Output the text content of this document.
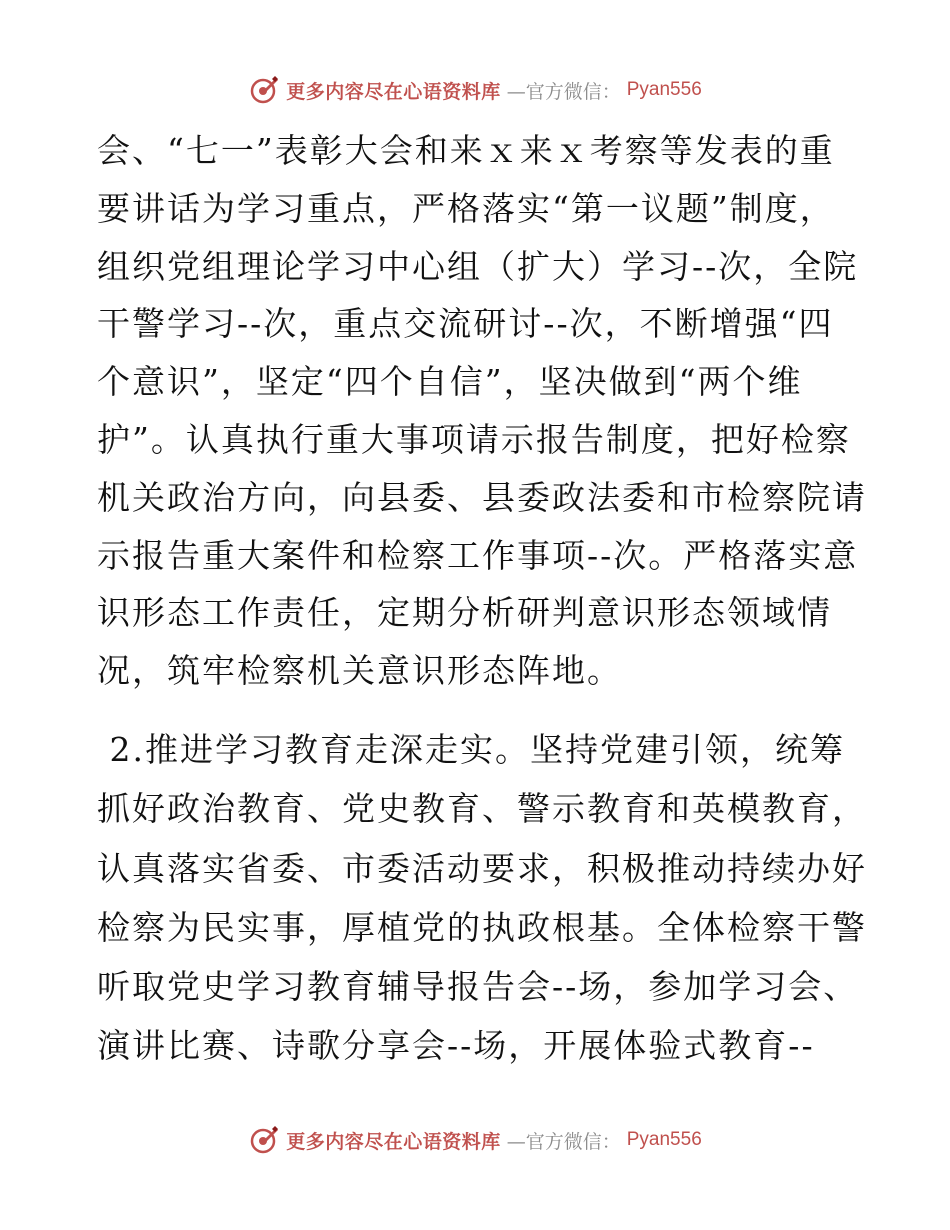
更多内容尽在心语资料库 —官方微信： Pyan556
会、“七一”表彰大会和来ｘ来ｘ考察等发表的重
要讲话为学习重点，严格落实“第一议题”制度，
组织党组理论学习中心组（扩大）学习--次，全院
干警学习--次，重点交流研讨--次，不断增强“四
个意识”，坚定“四个自信”，坚决做到“两个维
护”。认真执行重大事项请示报告制度，把好检察
机关政治方向，向县委、县委政法委和市检察院请
示报告重大案件和检察工作事项--次。严格落实意
识形态工作责任，定期分析研判意识形态领域情
况，筑牢检察机关意识形态阵地。
2.推进学习教育走深走实。坚持党建引领，统筹
抓好政治教育、党史教育、警示教育和英模教育，
认真落实省委、市委活动要求，积极推动持续办好
检察为民实事，厚植党的执政根基。全体检察干警
听取党史学习教育辅导报告会--场，参加学习会、
演讲比赛、诗歌分享会--场，开展体验式教育--
更多内容尽在心语资料库 —官方微信： Pyan556
